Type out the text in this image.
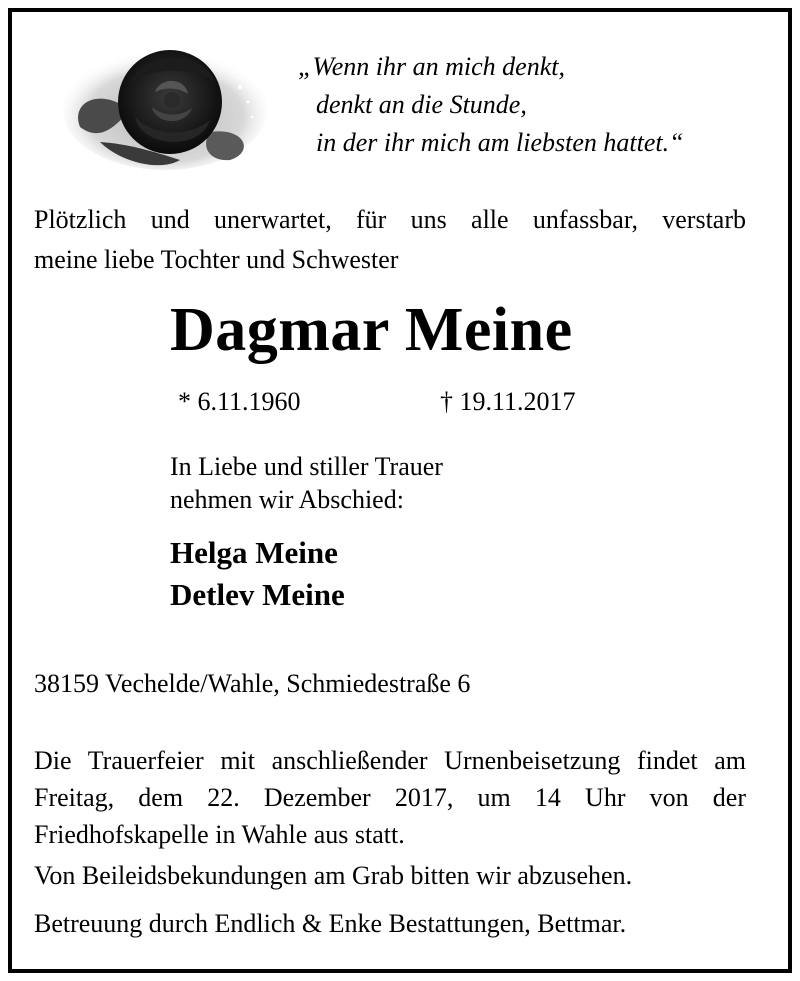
„Wenn ihr an mich denkt,
denkt an die Stunde,
in der ihr mich am liebsten hattet.“
Plötzlich und unerwartet, für uns alle unfassbar, verstarb
meine liebe Tochter und Schwester
Dagmar Meine
* 6.11.1960	† 19.11.2017
In Liebe und stiller Trauer
nehmen wir Abschied:
Helga Meine
Detlev Meine
38159 Vechelde/Wahle, Schmiedestraße 6
Die Trauerfeier mit anschließender Urnenbeisetzung findet am
Freitag, dem 22. Dezember 2017, um 14 Uhr von der
Friedhofskapelle in Wahle aus statt.
Von Beileidsbekundungen am Grab bitten wir abzusehen.
Betreuung durch Endlich & Enke Bestattungen, Bettmar.
